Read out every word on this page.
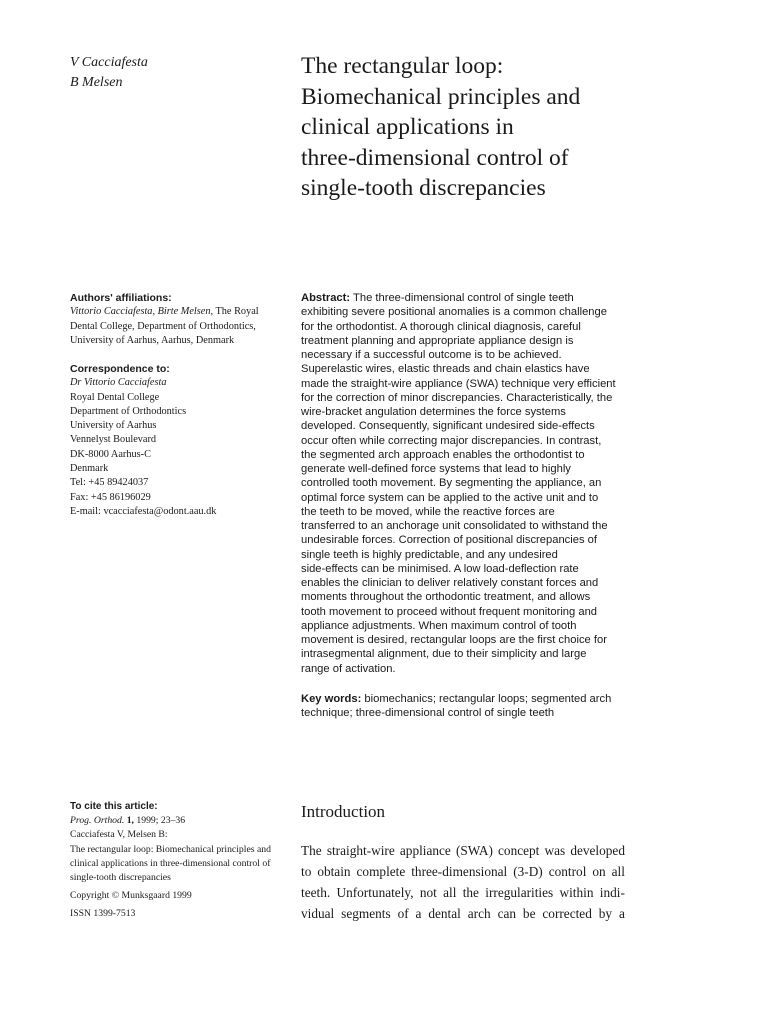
V Cacciafesta
B Melsen
The rectangular loop:
Biomechanical principles and
clinical applications in
three-dimensional control of
single-tooth discrepancies
Authors' affiliations:
Vittorio Cacciafesta, Birte Melsen, The Royal
Dental College, Department of Orthodontics,
University of Aarhus, Aarhus, Denmark
Correspondence to:
Dr Vittorio Cacciafesta
Royal Dental College
Department of Orthodontics
University of Aarhus
Vennelyst Boulevard
DK-8000 Aarhus-C
Denmark
Tel: +45 89424037
Fax: +45 86196029
E-mail: vcacciafesta@odont.aau.dk
To cite this article:
Prog. Orthod. 1, 1999; 23–36
Cacciafesta V, Melsen B:
The rectangular loop: Biomechanical principles and
clinical applications in three-dimensional control of
single-tooth discrepancies
Copyright © Munksgaard 1999
ISSN 1399-7513
Abstract: The three-dimensional control of single teeth
exhibiting severe positional anomalies is a common challenge
for the orthodontist. A thorough clinical diagnosis, careful
treatment planning and appropriate appliance design is
necessary if a successful outcome is to be achieved.
Superelastic wires, elastic threads and chain elastics have
made the straight-wire appliance (SWA) technique very efficient
for the correction of minor discrepancies. Characteristically, the
wire-bracket angulation determines the force systems
developed. Consequently, significant undesired side-effects
occur often while correcting major discrepancies. In contrast,
the segmented arch approach enables the orthodontist to
generate well-defined force systems that lead to highly
controlled tooth movement. By segmenting the appliance, an
optimal force system can be applied to the active unit and to
the teeth to be moved, while the reactive forces are
transferred to an anchorage unit consolidated to withstand the
undesirable forces. Correction of positional discrepancies of
single teeth is highly predictable, and any undesired
side-effects can be minimised. A low load-deflection rate
enables the clinician to deliver relatively constant forces and
moments throughout the orthodontic treatment, and allows
tooth movement to proceed without frequent monitoring and
appliance adjustments. When maximum control of tooth
movement is desired, rectangular loops are the first choice for
intrasegmental alignment, due to their simplicity and large
range of activation.
Key words: biomechanics; rectangular loops; segmented arch
technique; three-dimensional control of single teeth
Introduction
The straight-wire appliance (SWA) concept was developed
to obtain complete three-dimensional (3-D) control on all
teeth. Unfortunately, not all the irregularities within indi-
vidual segments of a dental arch can be corrected by a
